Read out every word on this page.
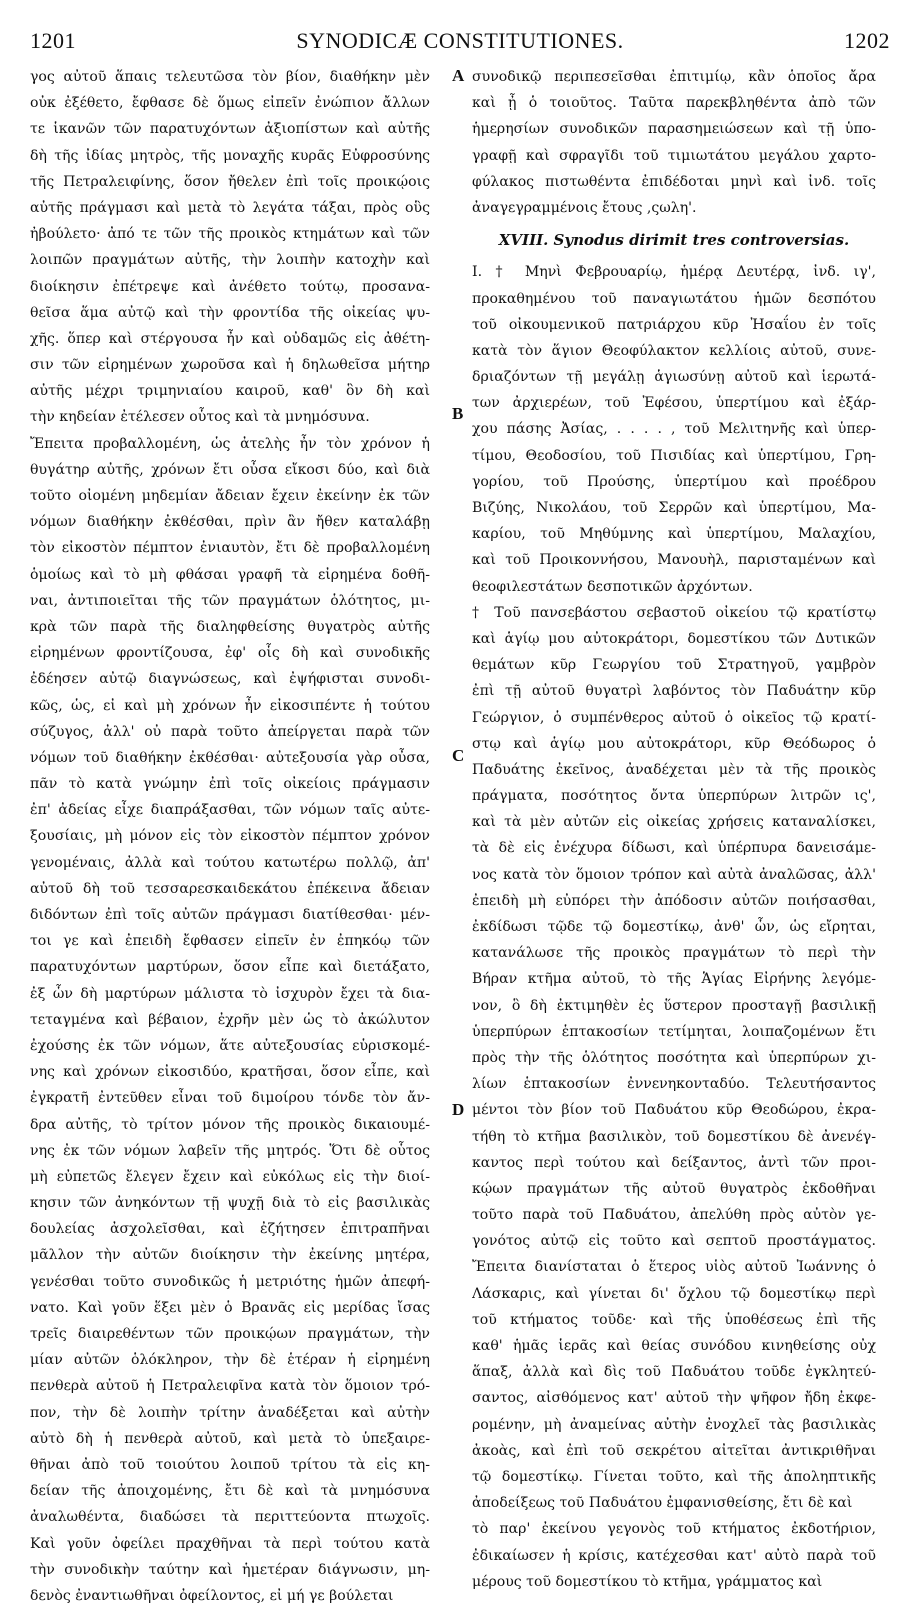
1201	SYNODICÆ CONSTITUTIONES.	1202
A
B
C
D
γος αὐτοῦ ἅπαις τελευτῶσα τὸν βίον, διαθήκην μὲν
οὐκ ἐξέθετο, ἔφθασε δὲ ὅμως εἰπεῖν ἐνώπιον ἄλλων
τε ἱκανῶν τῶν παρατυχόντων ἀξιοπίστων καὶ αὐτῆς
δὴ τῆς ἰδίας μητρὸς, τῆς μοναχῆς κυρᾶς Εὐφροσύνης
τῆς Πετραλειφίνης, ὅσον ἤθελεν ἐπὶ τοῖς προικῴοις
αὐτῆς πράγμασι καὶ μετὰ τὸ λεγάτα τάξαι, πρὸς οὓς
ἠβούλετο· ἀπό τε τῶν τῆς προικὸς κτημάτων καὶ τῶν
λοιπῶν πραγμάτων αὐτῆς, τὴν λοιπὴν κατοχὴν καὶ
διοίκησιν ἐπέτρεψε καὶ ἀνέθετο τούτῳ, προσανα-
θεῖσα ἅμα αὐτῷ καὶ τὴν φροντίδα τῆς οἰκείας ψυ-
χῆς. ὅπερ καὶ στέργουσα ἦν καὶ οὐδαμῶς εἰς ἀθέτη-
σιν τῶν εἰρημένων χωροῦσα καὶ ἡ δηλωθεῖσα μήτηρ
αὐτῆς μέχρι τριμηνιαίου καιροῦ, καθ' ὃν δὴ καὶ
τὴν κηδείαν ἐτέλεσεν οὗτος καὶ τὰ μνημόσυνα.
Ἔπειτα προβαλλομένη, ὡς ἀτελὴς ἦν τὸν χρόνον ἡ
θυγάτηρ αὐτῆς, χρόνων ἔτι οὖσα εἴκοσι δύο, καὶ διὰ
τοῦτο οἰομένη μηδεμίαν ἄδειαν ἔχειν ἐκείνην ἐκ τῶν
νόμων διαθήκην ἐκθέσθαι, πρὶν ἂν ἤθεν καταλάβῃ
τὸν εἰκοστὸν πέμπτον ἐνιαυτὸν, ἔτι δὲ προβαλλομένη
ὁμοίως καὶ τὸ μὴ φθάσαι γραφῆ τὰ εἰρημένα δοθῆ-
ναι, ἀντιποιεῖται τῆς τῶν πραγμάτων ὁλότητος, μι-
κρὰ τῶν παρὰ τῆς διαληφθείσης θυγατρὸς αὐτῆς
εἰρημένων φροντίζουσα, ἐφ' οἷς δὴ καὶ συνοδικῆς
ἐδέησεν αὐτῷ διαγνώσεως, καὶ ἐψήφισται συνοδι-
κῶς, ὡς, εἰ καὶ μὴ χρόνων ἦν εἰκοσιπέντε ἡ τούτου
σύζυγος, ἀλλ' οὐ παρὰ τοῦτο ἀπείργεται παρὰ τῶν
νόμων τοῦ διαθήκην ἐκθέσθαι· αὐτεξουσία γὰρ οὖσα,
πᾶν τὸ κατὰ γνώμην ἐπὶ τοῖς οἰκείοις πράγμασιν
ἐπ' ἀδείας εἶχε διαπράξασθαι, τῶν νόμων ταῖς αὐτε-
ξουσίαις, μὴ μόνον εἰς τὸν εἰκοστὸν πέμπτον χρόνον
γενομέναις, ἀλλὰ καὶ τούτου κατωτέρω πολλῷ, ἀπ'
αὐτοῦ δὴ τοῦ τεσσαρεσκαιδεκάτου ἐπέκεινα ἄδειαν
διδόντων ἐπὶ τοῖς αὐτῶν πράγμασι διατίθεσθαι· μέν-
τοι γε καὶ ἐπειδὴ ἔφθασεν εἰπεῖν ἐν ἐπηκόῳ τῶν
παρατυχόντων μαρτύρων, ὅσον εἶπε καὶ διετάξατο,
ἐξ ὧν δὴ μαρτύρων μάλιστα τὸ ἰσχυρὸν ἔχει τὰ δια-
τεταγμένα καὶ βέβαιον, ἐχρῆν μὲν ὡς τὸ ἀκώλυτον
ἐχούσης ἐκ τῶν νόμων, ἅτε αὐτεξουσίας εὑρισκομέ-
νης καὶ χρόνων εἰκοσιδύο, κρατῆσαι, ὅσον εἶπε, καὶ
ἐγκρατῆ ἐντεῦθεν εἶναι τοῦ διμοίρου τόνδε τὸν ἄν-
δρα αὐτῆς, τὸ τρίτον μόνον τῆς προικὸς δικαιουμέ-
νης ἐκ τῶν νόμων λαβεῖν τῆς μητρός. Ὅτι δὲ οὗτος
μὴ εὐπετῶς ἔλεγεν ἔχειν καὶ εὐκόλως εἰς τὴν διοί-
κησιν τῶν ἀνηκόντων τῇ ψυχῇ διὰ τὸ εἰς βασιλικὰς
δουλείας ἀσχολεῖσθαι, καὶ ἐζήτησεν ἐπιτραπῆναι
μᾶλλον τὴν αὐτῶν διοίκησιν τὴν ἐκείνης μητέρα,
γενέσθαι τοῦτο συνοδικῶς ἡ μετριότης ἡμῶν ἀπεφή-
νατο. Καὶ γοῦν ἕξει μὲν ὁ Βρανᾶς εἰς μερίδας ἴσας
τρεῖς διαιρεθέντων τῶν προικῴων πραγμάτων, τὴν
μίαν αὐτῶν ὁλόκληρον, τὴν δὲ ἑτέραν ἡ εἰρημένη
πενθερὰ αὐτοῦ ἡ Πετραλειφῖνα κατὰ τὸν ὅμοιον τρό-
πον, τὴν δὲ λοιπὴν τρίτην ἀναδέξεται καὶ αὐτὴν
αὐτὸ δὴ ἡ πενθερὰ αὐτοῦ, καὶ μετὰ τὸ ὑπεξαιρε-
θῆναι ἀπὸ τοῦ τοιούτου λοιποῦ τρίτου τὰ εἰς κη-
δείαν τῆς ἀποιχομένης, ἔτι δὲ καὶ τὰ μνημόσυνα
ἀναλωθέντα, διαδώσει τὰ περιττεύοντα πτωχοῖς.
Καὶ γοῦν ὀφείλει πραχθῆναι τὰ περὶ τούτου κατὰ
τὴν συνοδικὴν ταύτην καὶ ἡμετέραν διάγνωσιν, μη-
δενὸς ἐναντιωθῆναι ὀφείλοντος, εἰ μή γε βούλεται
συνοδικῷ περιπεσεῖσθαι ἐπιτιμίῳ, κἂν ὁποῖος ἄρα
καὶ ᾖ ὁ τοιοῦτος. Ταῦτα παρεκβληθέντα ἀπὸ τῶν
ἡμερησίων συνοδικῶν παρασημειώσεων καὶ τῇ ὑπο-
γραφῇ καὶ σφραγῖδι τοῦ τιμιωτάτου μεγάλου χαρτο-
φύλακος πιστωθέντα ἐπιδέδοται μηνὶ καὶ ἰνδ. τοῖς
ἀναγεγραμμένοις ἔτους ,ςωλη'.
XVIII. Synodus dirimit tres controversias.
I. † Μηνὶ Φεβρουαρίῳ, ἡμέρᾳ Δευτέρᾳ, ἰνδ. ιγ',
προκαθημένου τοῦ παναγιωτάτου ἡμῶν δεσπότου
τοῦ οἰκουμενικοῦ πατριάρχου κῦρ Ἠσαΐου ἐν τοῖς
κατὰ τὸν ἅγιον Θεοφύλακτον κελλίοις αὐτοῦ, συνε-
δριαζόντων τῇ μεγάλῃ ἁγιωσύνῃ αὐτοῦ καὶ ἱερωτά-
των ἀρχιερέων, τοῦ Ἐφέσου, ὑπερτίμου καὶ ἐξάρ-
χου πάσης Ἀσίας, . . . . , τοῦ Μελιτηνῆς καὶ ὑπερ-
τίμου, Θεοδοσίου, τοῦ Πισιδίας καὶ ὑπερτίμου, Γρη-
γορίου, τοῦ Προύσης, ὑπερτίμου καὶ προέδρου
Βιζύης, Νικολάου, τοῦ Σερρῶν καὶ ὑπερτίμου, Μα-
καρίου, τοῦ Μηθύμνης καὶ ὑπερτίμου, Μαλαχίου,
καὶ τοῦ Προικοννήσου, Μανουὴλ, παρισταμένων καὶ
θεοφιλεστάτων δεσποτικῶν ἀρχόντων.
† Τοῦ πανσεβάστου σεβαστοῦ οἰκείου τῷ κρατίστῳ
καὶ ἁγίῳ μου αὐτοκράτορι, δομεστίκου τῶν Δυτικῶν
θεμάτων κῦρ Γεωργίου τοῦ Στρατηγοῦ, γαμβρὸν
ἐπὶ τῇ αὐτοῦ θυγατρὶ λαβόντος τὸν Παδυάτην κῦρ
Γεώργιον, ὁ συμπένθερος αὐτοῦ ὁ οἰκεῖος τῷ κρατί-
στῳ καὶ ἁγίῳ μου αὐτοκράτορι, κῦρ Θεόδωρος ὁ
Παδυάτης ἐκεῖνος, ἀναδέχεται μὲν τὰ τῆς προικὸς
πράγματα, ποσότητος ὄντα ὑπερπύρων λιτρῶν ις',
καὶ τὰ μὲν αὐτῶν εἰς οἰκείας χρήσεις καταναλίσκει,
τὰ δὲ εἰς ἐνέχυρα δίδωσι, καὶ ὑπέρπυρα δανεισάμε-
νος κατὰ τὸν ὅμοιον τρόπον καὶ αὐτὰ ἀναλῶσας, ἀλλ'
ἐπειδὴ μὴ εὐπόρει τὴν ἀπόδοσιν αὐτῶν ποιήσασθαι,
ἐκδίδωσι τῷδε τῷ δομεστίκῳ, ἀνθ' ὧν, ὡς εἴρηται,
κατανάλωσε τῆς προικὸς πραγμάτων τὸ περὶ τὴν
Βήραν κτῆμα αὐτοῦ, τὸ τῆς Ἁγίας Εἰρήνης λεγόμε-
νον, ὃ δὴ ἐκτιμηθὲν ἐς ὕστερον προσταγῇ βασιλικῇ
ὑπερπύρων ἑπτακοσίων τετίμηται, λοιπαζομένων ἔτι
πρὸς τὴν τῆς ὁλότητος ποσότητα καὶ ὑπερπύρων χι-
λίων ἑπτακοσίων ἐννενηκονταδύο. Τελευτήσαντος
μέντοι τὸν βίον τοῦ Παδυάτου κῦρ Θεοδώρου, ἐκρα-
τήθη τὸ κτῆμα βασιλικὸν, τοῦ δομεστίκου δὲ ἀνενέγ-
καντος περὶ τούτου καὶ δείξαντος, ἀντὶ τῶν προι-
κῴων πραγμάτων τῆς αὐτοῦ θυγατρὸς ἐκδοθῆναι
τοῦτο παρὰ τοῦ Παδυάτου, ἀπελύθη πρὸς αὐτὸν γε-
γονότος αὐτῷ εἰς τοῦτο καὶ σεπτοῦ προστάγματος.
Ἔπειτα διανίσταται ὁ ἕτερος υἱὸς αὐτοῦ Ἰωάννης ὁ
Λάσκαρις, καὶ γίνεται δι' ὄχλου τῷ δομεστίκῳ περὶ
τοῦ κτήματος τοῦδε· καὶ τῆς ὑποθέσεως ἐπὶ τῆς
καθ' ἡμᾶς ἱερᾶς καὶ θείας συνόδου κινηθείσης οὐχ
ἅπαξ, ἀλλὰ καὶ δὶς τοῦ Παδυάτου τοῦδε ἐγκλητεύ-
σαντος, αἰσθόμενος κατ' αὐτοῦ τὴν ψῆφον ἤδη ἐκφε-
ρομένην, μὴ ἀναμείνας αὐτὴν ἐνοχλεῖ τὰς βασιλικὰς
ἀκοὰς, καὶ ἐπὶ τοῦ σεκρέτου αἰτεῖται ἀντικριθῆναι
τῷ δομεστίκῳ. Γίνεται τοῦτο, καὶ τῆς ἀποληπτικῆς
ἀποδείξεως τοῦ Παδυάτου ἐμφανισθείσης, ἔτι δὲ καὶ
τὸ παρ' ἐκείνου γεγονὸς τοῦ κτήματος ἐκδοτήριον,
ἐδικαίωσεν ἡ κρίσις, κατέχεσθαι κατ' αὐτὸ παρὰ τοῦ
μέρους τοῦ δομεστίκου τὸ κτῆμα, γράμματος καὶ
